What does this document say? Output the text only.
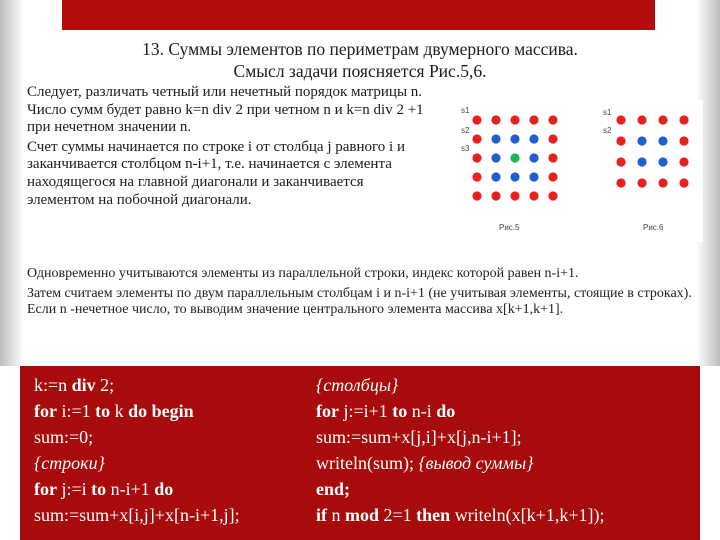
13. Суммы элементов по периметрам двумерного массива.
Смысл задачи поясняется Рис.5,6.

Следует, различать четный или нечетный порядок матрицы n. Число сумм будет равно k=n div 2 при четном n и k=n div 2 +1 при нечетном значении n.

Счет суммы начинается по строке i от столбца j равного i и заканчивается столбцом n-i+1, т.е. начинается с элемента находящегося на главной диагонали и заканчивается элементом на побочной диагонали.

s1
s2
s3
Рис.5
s1
s2
Рис.6

Одновременно учитываются элементы из параллельной строки, индекс которой равен n-i+1.

Затем считаем элементы по двум параллельным столбцам i и n-i+1 (не учитывая элементы, стоящие в строках). Если n -нечетное число, то выводим значение центрального элемента массива x[k+1,k+1].

k:=n div 2;
for i:=1 to k do begin
sum:=0;
{строки}
for j:=i to n-i+1 do
sum:=sum+x[i,j]+x[n-i+1,j];
{столбцы}
for j:=i+1 to n-i do
sum:=sum+x[j,i]+x[j,n-i+1];
writeln(sum); {вывод суммы}
end;
if n mod 2=1 then writeln(x[k+1,k+1]);
